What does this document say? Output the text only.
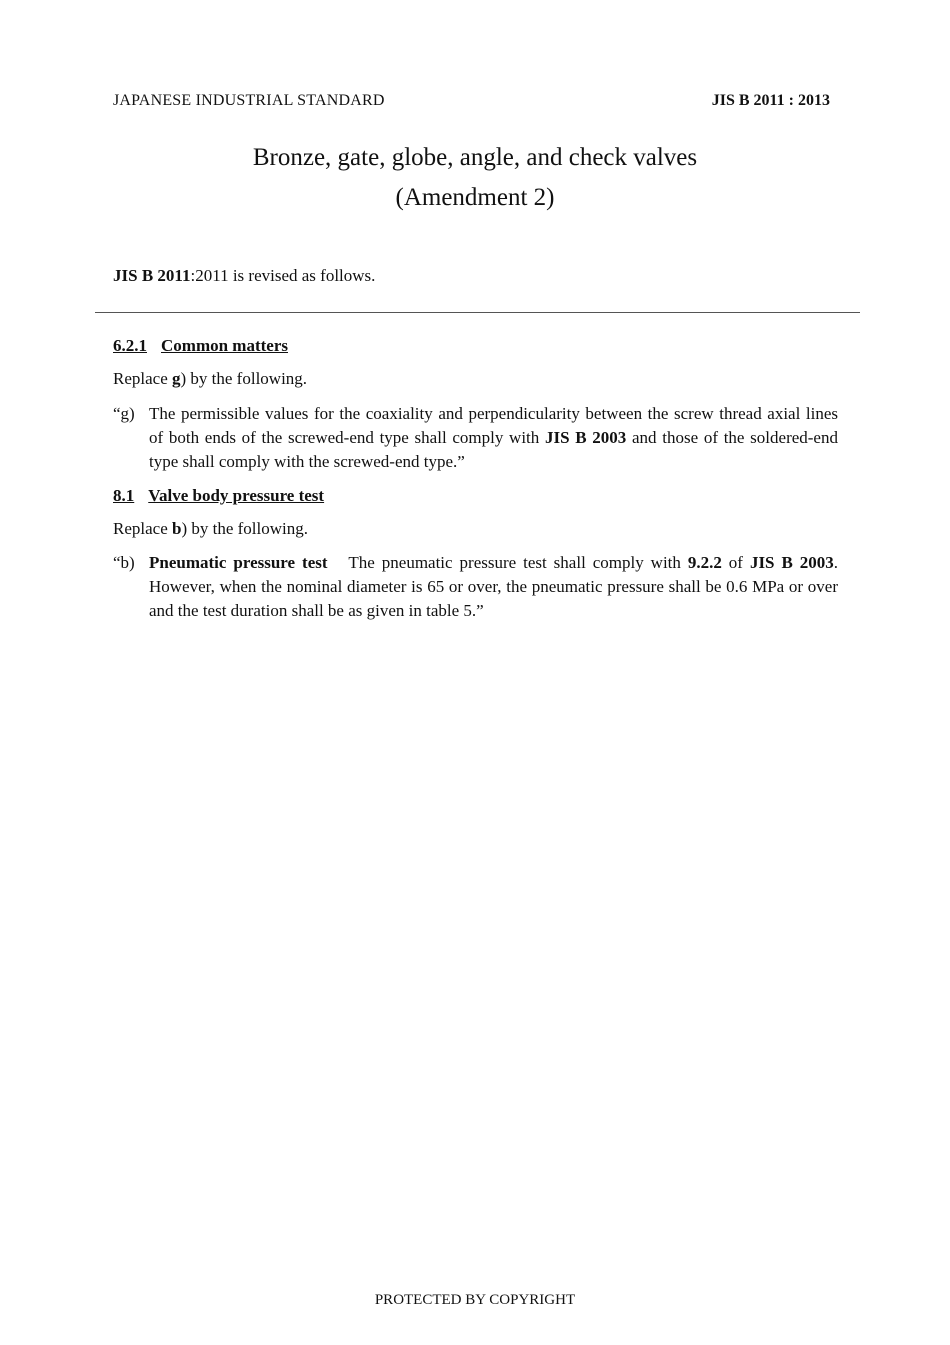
JAPANESE INDUSTRIAL STANDARD	JIS B 2011 : 2013
Bronze, gate, globe, angle, and check valves
(Amendment 2)
JIS B 2011:2011 is revised as follows.
6.2.1 Common matters
Replace g) by the following.
“g) The permissible values for the coaxiality and perpendicularity between the screw thread axial lines of both ends of the screwed-end type shall comply with JIS B 2003 and those of the soldered-end type shall comply with the screwed-end type.”
8.1 Valve body pressure test
Replace b) by the following.
“b) Pneumatic pressure test The pneumatic pressure test shall comply with 9.2.2 of JIS B 2003. However, when the nominal diameter is 65 or over, the pneumatic pressure shall be 0.6 MPa or over and the test duration shall be as given in table 5.”
PROTECTED BY COPYRIGHT
